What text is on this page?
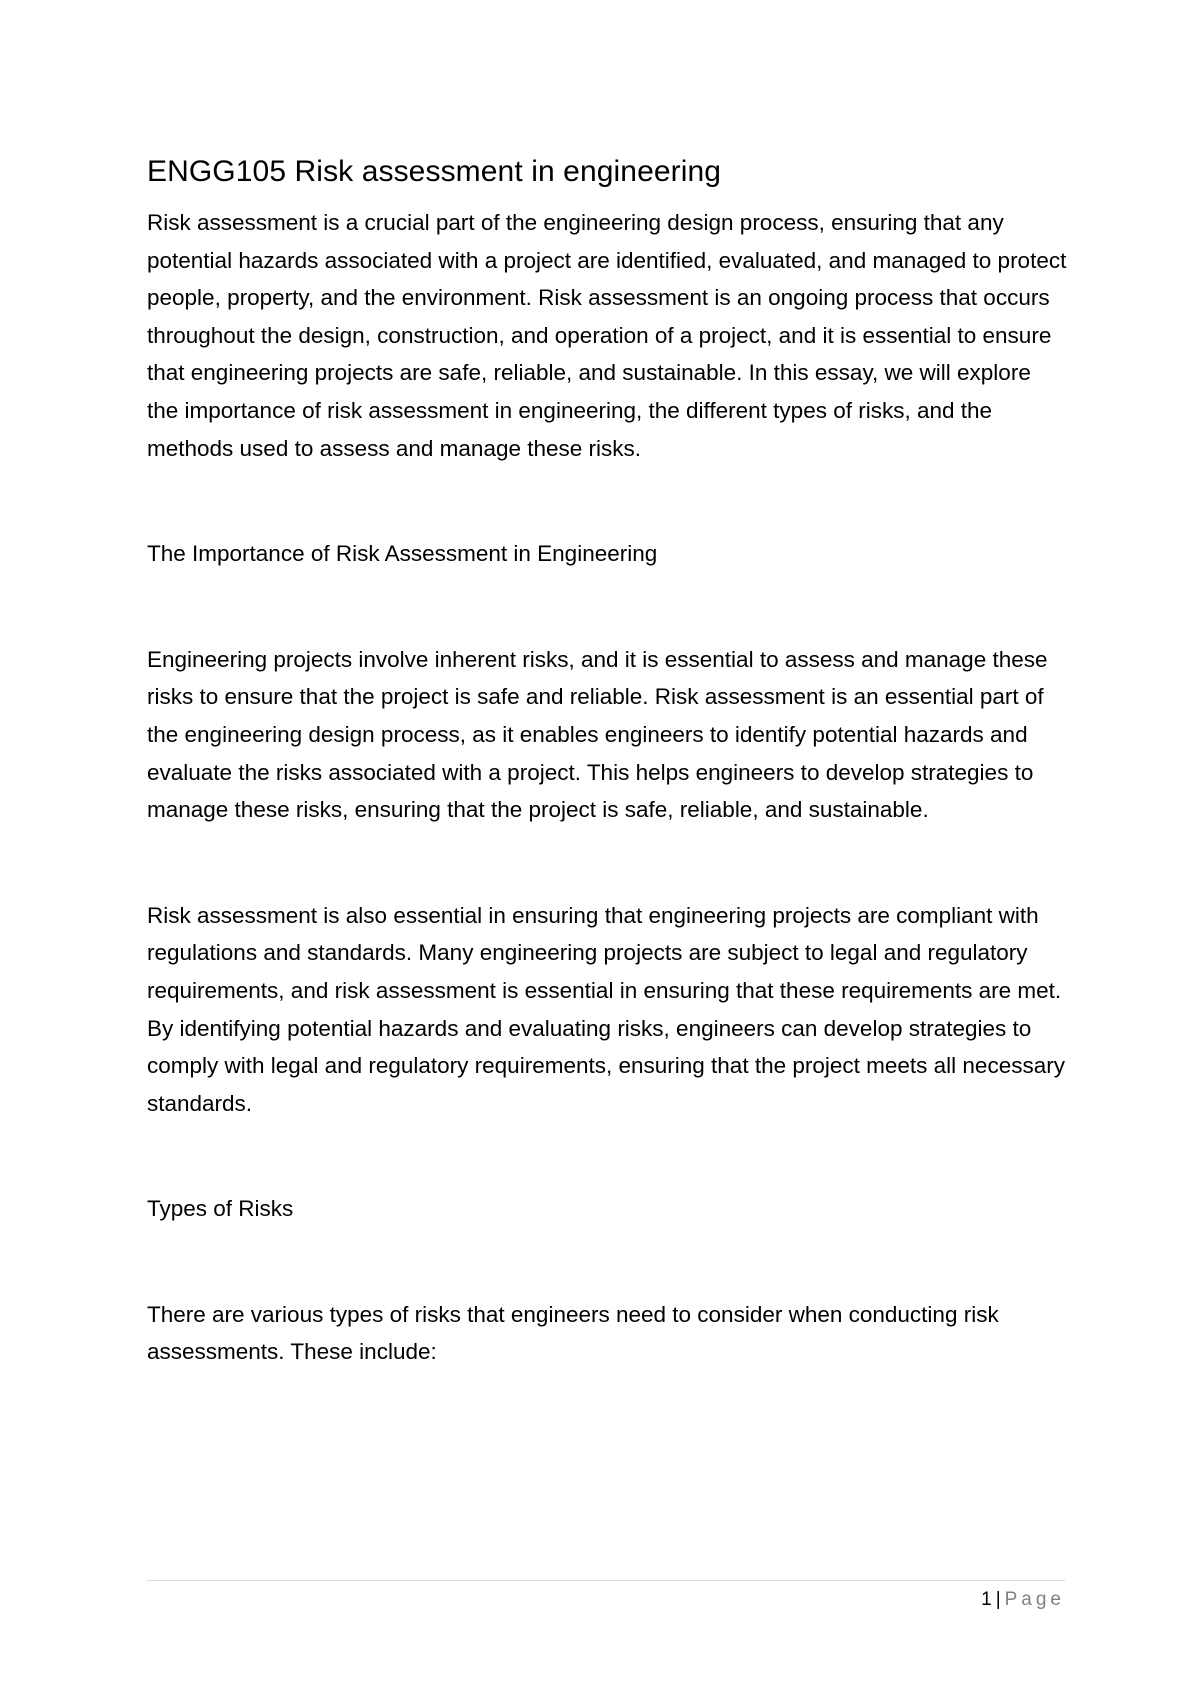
ENGG105 Risk assessment in engineering

Risk assessment is a crucial part of the engineering design process, ensuring that any potential hazards associated with a project are identified, evaluated, and managed to protect people, property, and the environment. Risk assessment is an ongoing process that occurs throughout the design, construction, and operation of a project, and it is essential to ensure that engineering projects are safe, reliable, and sustainable. In this essay, we will explore the importance of risk assessment in engineering, the different types of risks, and the methods used to assess and manage these risks.

The Importance of Risk Assessment in Engineering

Engineering projects involve inherent risks, and it is essential to assess and manage these risks to ensure that the project is safe and reliable. Risk assessment is an essential part of the engineering design process, as it enables engineers to identify potential hazards and evaluate the risks associated with a project. This helps engineers to develop strategies to manage these risks, ensuring that the project is safe, reliable, and sustainable.

Risk assessment is also essential in ensuring that engineering projects are compliant with regulations and standards. Many engineering projects are subject to legal and regulatory requirements, and risk assessment is essential in ensuring that these requirements are met. By identifying potential hazards and evaluating risks, engineers can develop strategies to comply with legal and regulatory requirements, ensuring that the project meets all necessary standards.

Types of Risks

There are various types of risks that engineers need to consider when conducting risk assessments. These include:

1 | Page
